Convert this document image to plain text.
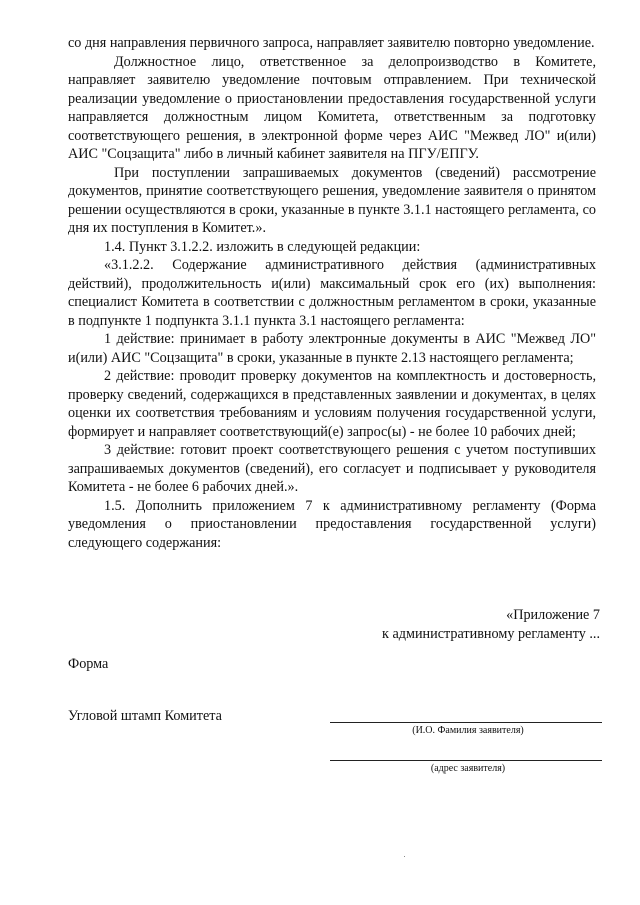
со дня направления первичного запроса, направляет заявителю повторно уведомление.

Должностное лицо, ответственное за делопроизводство в Комитете, направляет заявителю уведомление почтовым отправлением. При технической реализации уведомление о приостановлении предоставления государственной услуги направляется должностным лицом Комитета, ответственным за подготовку соответствующего решения, в электронной форме через АИС "Межвед ЛО" и(или) АИС "Соцзащита" либо в личный кабинет заявителя на ПГУ/ЕПГУ.

При поступлении запрашиваемых документов (сведений) рассмотрение документов, принятие соответствующего решения, уведомление заявителя о принятом решении осуществляются в сроки, указанные в пункте 3.1.1 настоящего регламента, со дня их поступления в Комитет.».

1.4. Пункт 3.1.2.2. изложить в следующей редакции:

«3.1.2.2. Содержание административного действия (административных действий), продолжительность и(или) максимальный срок его (их) выполнения: специалист Комитета в соответствии с должностным регламентом в сроки, указанные в подпункте 1 подпункта 3.1.1 пункта 3.1 настоящего регламента:

1 действие: принимает в работу электронные документы в АИС "Межвед ЛО" и(или) АИС "Соцзащита" в сроки, указанные в пункте 2.13 настоящего регламента;

2 действие: проводит проверку документов на комплектность и достоверность, проверку сведений, содержащихся в представленных заявлении и документах, в целях оценки их соответствия требованиям и условиям получения государственной услуги, формирует и направляет соответствующий(е) запрос(ы) - не более 10 рабочих дней;

3 действие: готовит проект соответствующего решения с учетом поступивших запрашиваемых документов (сведений), его согласует и подписывает у руководителя Комитета - не более 6 рабочих дней.».

1.5. Дополнить приложением 7 к административному регламенту (Форма уведомления о приостановлении предоставления государственной услуги) следующего содержания:

«Приложение 7
к административному регламенту ...
Форма
Угловой штамп Комитета
(И.О. Фамилия заявителя)
(адрес заявителя)
